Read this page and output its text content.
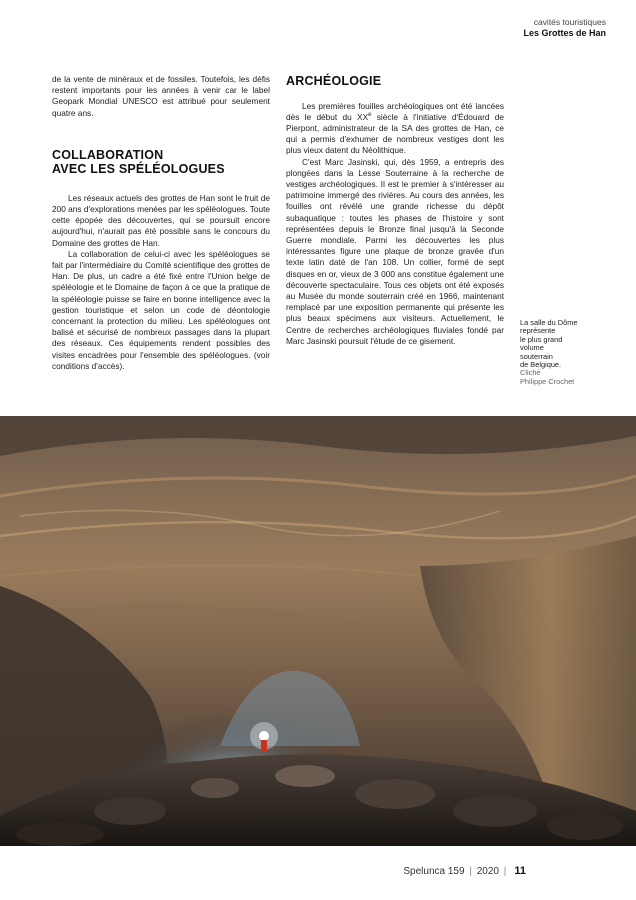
cavités touristiques
Les Grottes de Han

de la vente de minéraux et de fossiles. Toutefois, les défis restent importants pour les années à venir car le label Geopark Mondial UNESCO est attribué pour seulement quatre ans.

COLLABORATION
AVEC LES SPÉLÉOLOGUES

Les réseaux actuels des grottes de Han sont le fruit de 200 ans d'explorations menées par les spéléologues. Toute cette épopée des découvertes, qui se poursuit encore aujourd'hui, n'aurait pas été possible sans le concours du Domaine des grottes de Han.

La collaboration de celui-ci avec les spéléologues se fait par l'intermédiaire du Comité scientifique des grottes de Han. De plus, un cadre a été fixé entre l'Union belge de spéléologie et le Domaine de façon à ce que la pratique de la spéléologie puisse se faire en bonne intelligence avec la gestion touristique et selon un code de déontologie concernant la protection du milieu. Les spéléologues ont balisé et sécurisé de nombreux passages dans la plupart des réseaux. Ces équipements rendent possibles des visites encadrées pour l'ensemble des spéléologues. (voir conditions d'accès).

ARCHÉOLOGIE

Les premières fouilles archéologiques ont été lancées dès le début du XXe siècle à l'initiative d'Édouard de Pierpont, administrateur de la SA des grottes de Han, ce qui a permis d'exhumer de nombreux vestiges dont les plus vieux datent du Néolithique.

C'est Marc Jasinski, qui, dès 1959, a entrepris des plongées dans la Lesse Souterraine à la recherche de vestiges archéologiques. Il est le premier à s'intéresser au patrimoine immergé des rivières. Au cours des années, les fouilles ont révélé une grande richesse du dépôt subaquatique : toutes les phases de l'histoire y sont représentées depuis le Bronze final jusqu'à la Seconde Guerre mondiale. Parmi les découvertes les plus intéressantes figure une plaque de bronze gravée d'un texte latin daté de l'an 108. Un collier, formé de sept disques en or, vieux de 3 000 ans constitue également une découverte spectaculaire. Tous ces objets ont été exposés au Musée du monde souterrain créé en 1966, maintenant remplacé par une exposition permanente qui présente les plus beaux spécimens aux visiteurs. Actuellement, le Centre de recherches archéologiques fluviales fondé par Marc Jasinski poursuit l'étude de ce gisement.

La salle du Dôme
représente
le plus grand
volume
souterrain
de Belgique.
Cliché
Philippe Crochet
Spelunca 159 | 2020 | 11
